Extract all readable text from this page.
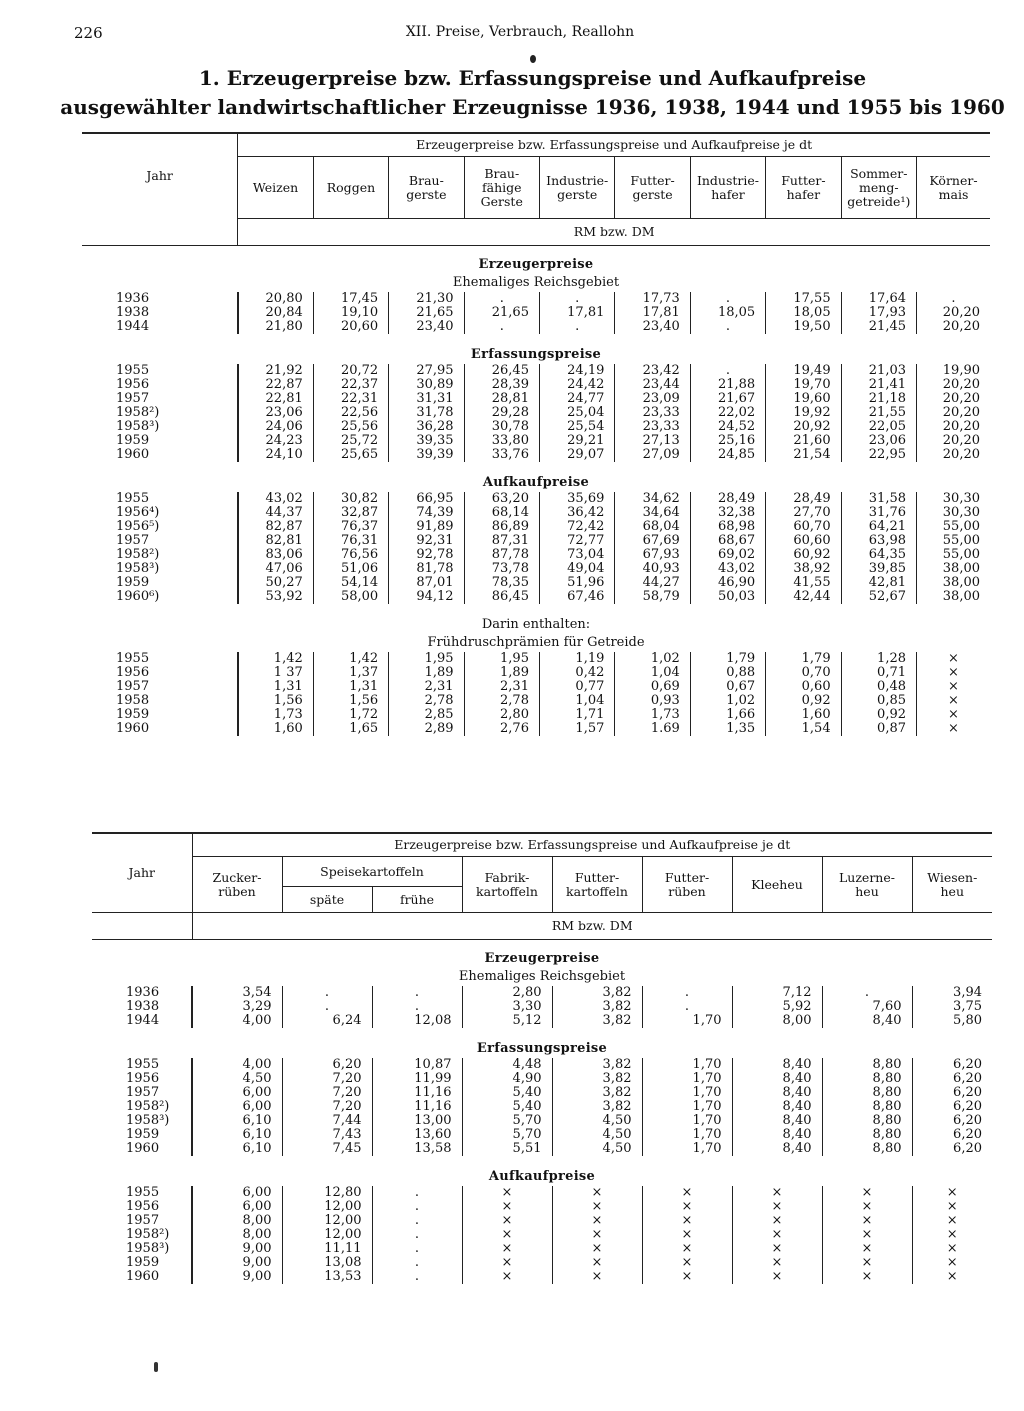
226	XII. Preise, Verbrauch, Reallohn
1. Erzeugerpreise bzw. Erfassungspreise und Aufkaufpreise
ausgewählter landwirtschaftlicher Erzeugnisse 1936, 1938, 1944 und 1955 bis 1960
Jahr	Erzeugerpreise bzw. Erfassungspreise und Aufkaufpreise je dt									
	Weizen	Roggen	Brau-
gerste	Brau-
fähige
Gerste	Industrie-
gerste	Futter-
gerste	Industrie-
hafer	Futter-
hafer	Sommer-
meng-
getreide¹)	Körner-
mais
	RM bzw. DM									

Erzeugerpreise										
Ehemaliges Reichsgebiet										
1936	20,80	17,45	21,30	.	.	17,73	.	17,55	17,64	.
1938	20,84	19,10	21,65	21,65	17,81	17,81	18,05	18,05	17,93	20,20
1944	21,80	20,60	23,40	.	.	23,40	.	19,50	21,45	20,20

Erfassungspreise										
1955	21,92	20,72	27,95	26,45	24,19	23,42	.	19,49	21,03	19,90
1956	22,87	22,37	30,89	28,39	24,42	23,44	21,88	19,70	21,41	20,20
1957	22,81	22,31	31,31	28,81	24,77	23,09	21,67	19,60	21,18	20,20
1958²)	23,06	22,56	31,78	29,28	25,04	23,33	22,02	19,92	21,55	20,20
1958³)	24,06	25,56	36,28	30,78	25,54	23,33	24,52	20,92	22,05	20,20
1959	24,23	25,72	39,35	33,80	29,21	27,13	25,16	21,60	23,06	20,20
1960	24,10	25,65	39,39	33,76	29,07	27,09	24,85	21,54	22,95	20,20

Aufkaufpreise										
1955	43,02	30,82	66,95	63,20	35,69	34,62	28,49	28,49	31,58	30,30
1956⁴)	44,37	32,87	74,39	68,14	36,42	34,64	32,38	27,70	31,76	30,30
1956⁵)	82,87	76,37	91,89	86,89	72,42	68,04	68,98	60,70	64,21	55,00
1957	82,81	76,31	92,31	87,31	72,77	67,69	68,67	60,60	63,98	55,00
1958²)	83,06	76,56	92,78	87,78	73,04	67,93	69,02	60,92	64,35	55,00
1958³)	47,06	51,06	81,78	73,78	49,04	40,93	43,02	38,92	39,85	38,00
1959	50,27	54,14	87,01	78,35	51,96	44,27	46,90	41,55	42,81	38,00
1960⁶)	53,92	58,00	94,12	86,45	67,46	58,79	50,03	42,44	52,67	38,00

Darin enthalten:										
Frühdruschprämien für Getreide										
1955	1,42	1,42	1,95	1,95	1,19	1,02	1,79	1,79	1,28	×
1956	1 37	1,37	1,89	1,89	0,42	1,04	0,88	0,70	0,71	×
1957	1,31	1,31	2,31	2,31	0,77	0,69	0,67	0,60	0,48	×
1958	1,56	1,56	2,78	2,78	1,04	0,93	1,02	0,92	0,85	×
1959	1,73	1,72	2,85	2,80	1,71	1,73	1,66	1,60	0,92	×
1960	1,60	1,65	2,89	2,76	1,57	1.69	1,35	1,54	0,87	×
Jahr	Erzeugerpreise bzw. Erfassungspreise und Aufkaufpreise je dt								
	Zucker-
rüben	Speisekartoffeln		Fabrik-
kartoffeln	Futter-
kartoffeln	Futter-
rüben	Kleeheu	Luzerne-
heu	Wiesen-
heu
		späte	frühe						
	RM bzw. DM								

Erzeugerpreise									
Ehemaliges Reichsgebiet									
1936	3,54	.	.	2,80	3,82	.	7,12	.	3,94
1938	3,29	.	.	3,30	3,82	.	5,92	7,60	3,75
1944	4,00	6,24	12,08	5,12	3,82	1,70	8,00	8,40	5,80

Erfassungspreise									
1955	4,00	6,20	10,87	4,48	3,82	1,70	8,40	8,80	6,20
1956	4,50	7,20	11,99	4,90	3,82	1,70	8,40	8,80	6,20
1957	6,00	7,20	11,16	5,40	3,82	1,70	8,40	8,80	6,20
1958²)	6,00	7,20	11,16	5,40	3,82	1,70	8,40	8,80	6,20
1958³)	6,10	7,44	13,00	5,70	4,50	1,70	8,40	8,80	6,20
1959	6,10	7,43	13,60	5,70	4,50	1,70	8,40	8,80	6,20
1960	6,10	7,45	13,58	5,51	4,50	1,70	8,40	8,80	6,20

Aufkaufpreise									
1955	6,00	12,80	.	×	×	×	×	×	×
1956	6,00	12,00	.	×	×	×	×	×	×
1957	8,00	12,00	.	×	×	×	×	×	×
1958²)	8,00	12,00	.	×	×	×	×	×	×
1958³)	9,00	11,11	.	×	×	×	×	×	×
1959	9,00	13,08	.	×	×	×	×	×	×
1960	9,00	13,53	.	×	×	×	×	×	×
